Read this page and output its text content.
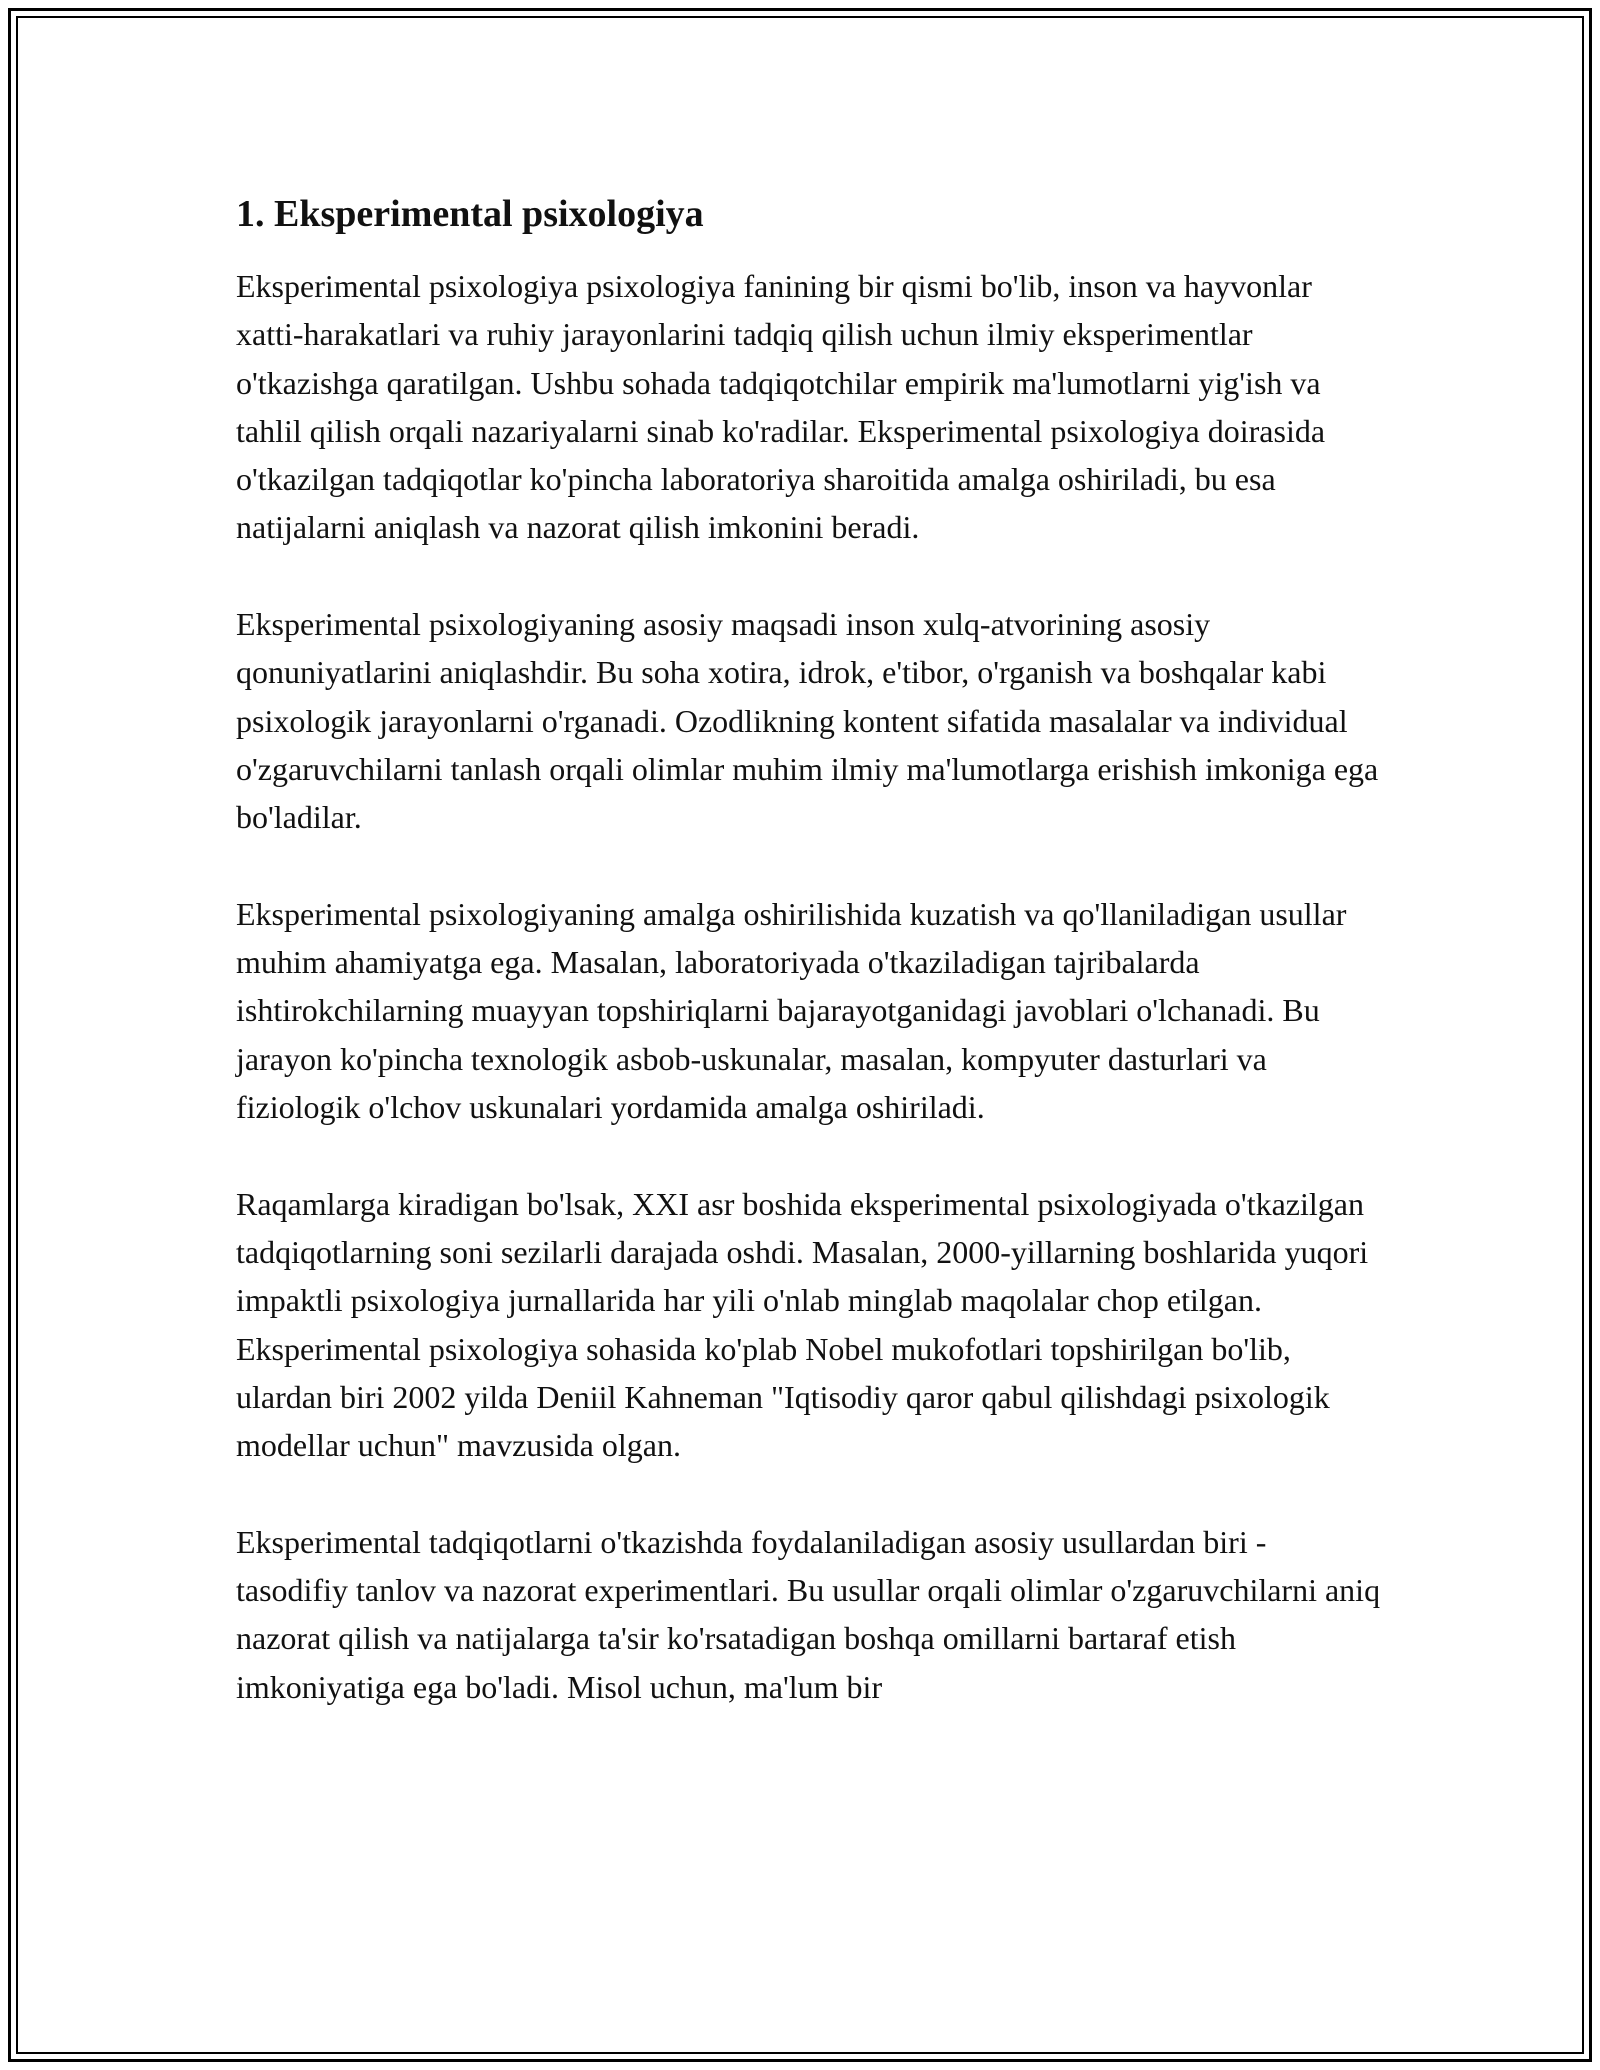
1. Eksperimental psixologiya

Eksperimental psixologiya psixologiya fanining bir qismi bo'lib, inson va hayvonlar xatti-harakatlari va ruhiy jarayonlarini tadqiq qilish uchun ilmiy eksperimentlar o'tkazishga qaratilgan. Ushbu sohada tadqiqotchilar empirik ma'lumotlarni yig'ish va tahlil qilish orqali nazariyalarni sinab ko'radilar. Eksperimental psixologiya doirasida o'tkazilgan tadqiqotlar ko'pincha laboratoriya sharoitida amalga oshiriladi, bu esa natijalarni aniqlash va nazorat qilish imkonini beradi.

Eksperimental psixologiyaning asosiy maqsadi inson xulq-atvorining asosiy qonuniyatlarini aniqlashdir. Bu soha xotira, idrok, e'tibor, o'rganish va boshqalar kabi psixologik jarayonlarni o'rganadi. Ozodlikning kontent sifatida masalalar va individual o'zgaruvchilarni tanlash orqali olimlar muhim ilmiy ma'lumotlarga erishish imkoniga ega bo'ladilar.

Eksperimental psixologiyaning amalga oshirilishida kuzatish va qo'llaniladigan usullar muhim ahamiyatga ega. Masalan, laboratoriyada o'tkaziladigan tajribalarda ishtirokchilarning muayyan topshiriqlarni bajarayotganidagi javoblari o'lchanadi. Bu jarayon ko'pincha texnologik asbob-uskunalar, masalan, kompyuter dasturlari va fiziologik o'lchov uskunalari yordamida amalga oshiriladi.

Raqamlarga kiradigan bo'lsak, XXI asr boshida eksperimental psixologiyada o'tkazilgan tadqiqotlarning soni sezilarli darajada oshdi. Masalan, 2000-yillarning boshlarida yuqori impaktli psixologiya jurnallarida har yili o'nlab minglab maqolalar chop etilgan. Eksperimental psixologiya sohasida ko'plab Nobel mukofotlari topshirilgan bo'lib, ulardan biri 2002 yilda Deniil Kahneman "Iqtisodiy qaror qabul qilishdagi psixologik modellar uchun" mavzusida olgan.

Eksperimental tadqiqotlarni o'tkazishda foydalaniladigan asosiy usullardan biri - tasodifiy tanlov va nazorat experimentlari. Bu usullar orqali olimlar o'zgaruvchilarni aniq nazorat qilish va natijalarga ta'sir ko'rsatadigan boshqa omillarni bartaraf etish imkoniyatiga ega bo'ladi. Misol uchun, ma'lum bir
